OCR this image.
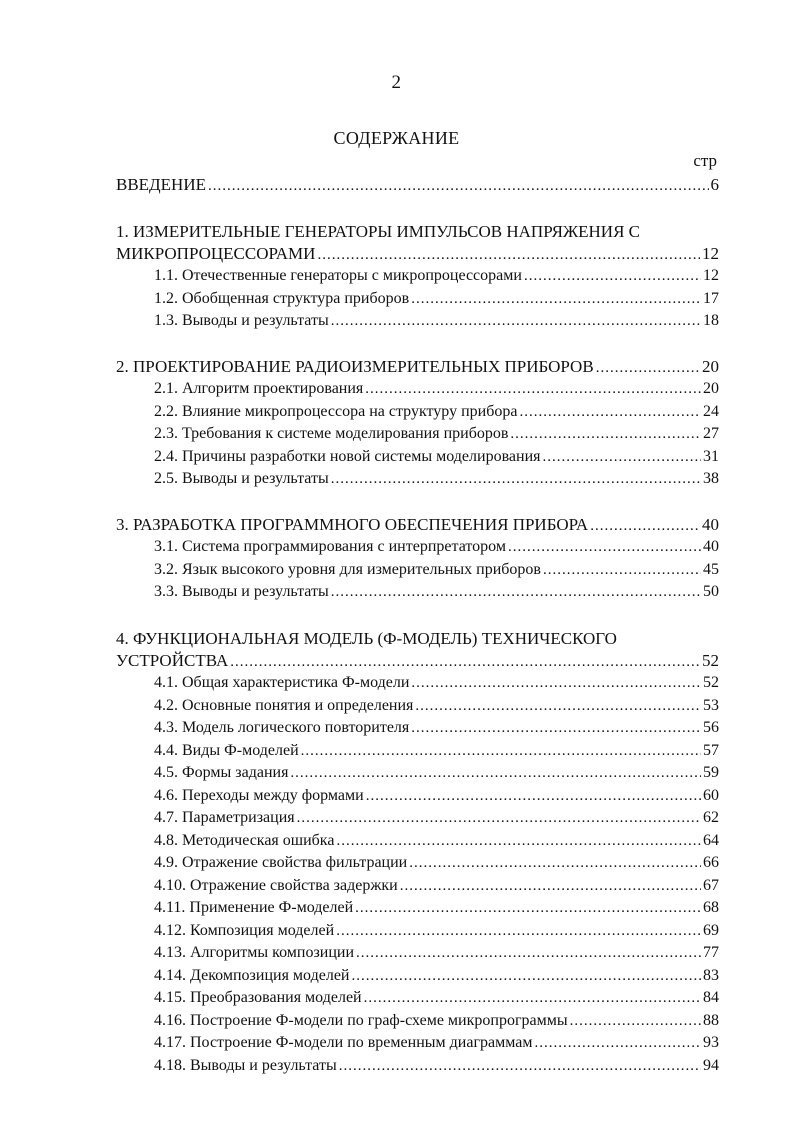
2
СОДЕРЖАНИЕ
стр
ВВЕДЕНИЕ .....	6
1. ИЗМЕРИТЕЛЬНЫЕ ГЕНЕРАТОРЫ ИМПУЛЬСОВ НАПРЯЖЕНИЯ С
МИКРОПРОЦЕССОРАМИ .....	12
1.1. Отечественные генераторы с микропроцессорами .....	12
1.2. Обобщенная структура приборов .....	17
1.3. Выводы и результаты .....	18
2. ПРОЕКТИРОВАНИЕ РАДИОИЗМЕРИТЕЛЬНЫХ ПРИБОРОВ .....	20
2.1. Алгоритм проектирования .....	20
2.2. Влияние микропроцессора на структуру прибора .....	24
2.3. Требования к системе моделирования приборов .....	27
2.4. Причины разработки новой системы моделирования .....	31
2.5. Выводы и результаты .....	38
3. РАЗРАБОТКА ПРОГРАММНОГО ОБЕСПЕЧЕНИЯ ПРИБОРА .....	40
3.1. Система программирования с интерпретатором .....	40
3.2. Язык высокого уровня для измерительных приборов .....	45
3.3. Выводы и результаты .....	50
4. ФУНКЦИОНАЛЬНАЯ МОДЕЛЬ (Ф-МОДЕЛЬ) ТЕХНИЧЕСКОГО
УСТРОЙСТВА .....	52
4.1. Общая характеристика Ф-модели .....	52
4.2. Основные понятия и определения .....	53
4.3. Модель логического повторителя .....	56
4.4. Виды Ф-моделей .....	57
4.5. Формы задания .....	59
4.6. Переходы между формами .....	60
4.7. Параметризация .....	62
4.8. Методическая ошибка .....	64
4.9. Отражение свойства фильтрации .....	66
4.10. Отражение свойства задержки .....	67
4.11. Применение Ф-моделей .....	68
4.12. Композиция моделей .....	69
4.13. Алгоритмы композиции .....	77
4.14. Декомпозиция моделей .....	83
4.15. Преобразования моделей .....	84
4.16. Построение Ф-модели по граф-схеме микропрограммы .....	88
4.17. Построение Ф-модели по временным диаграммам .....	93
4.18. Выводы и результаты .....	94
